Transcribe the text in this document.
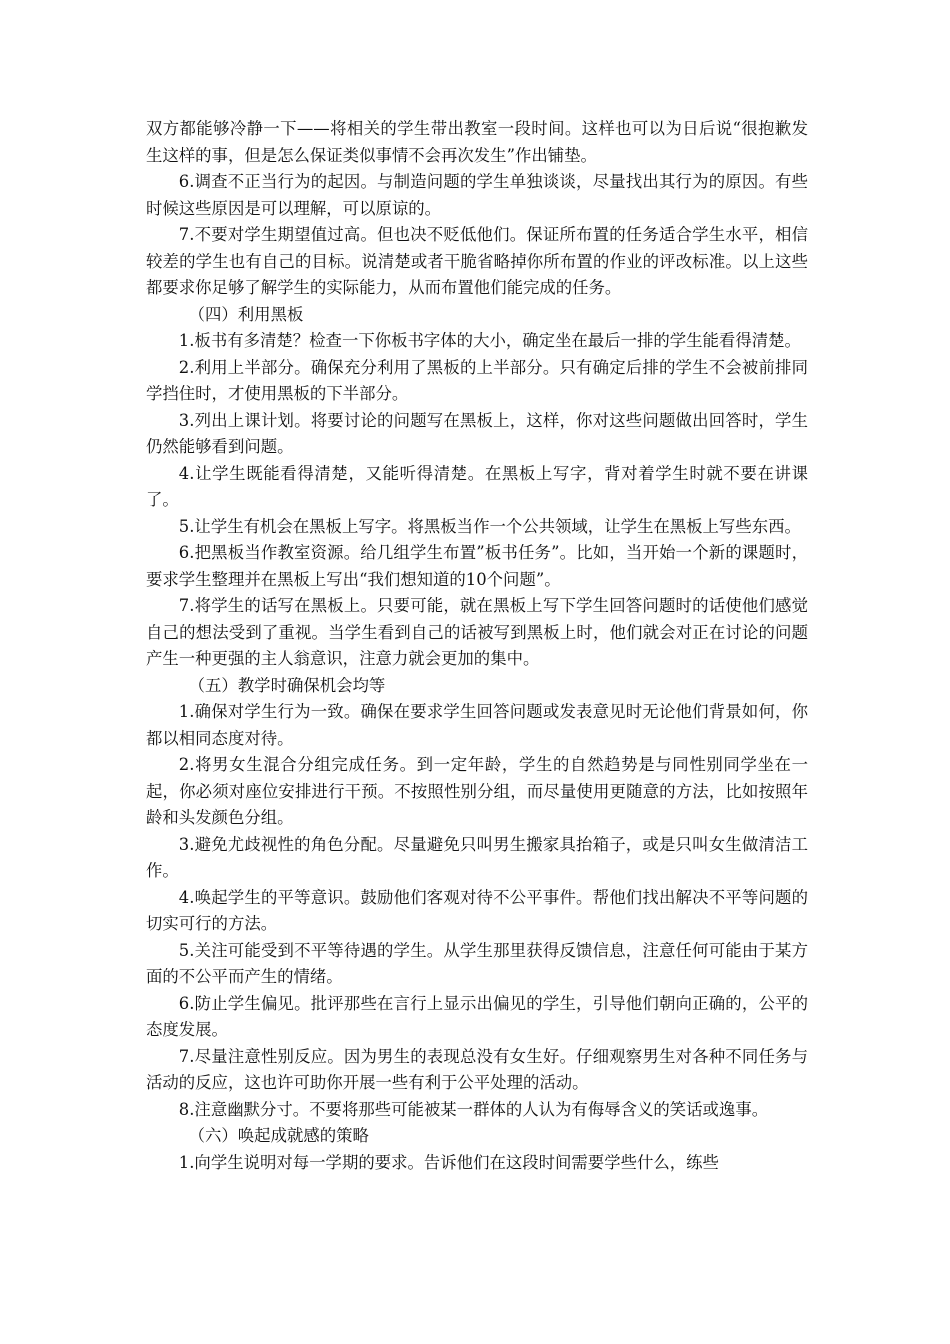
双方都能够冷静一下——将相关的学生带出教室一段时间。这样也可以为日后说“很抱歉发生这样的事，但是怎么保证类似事情不会再次发生”作出铺垫。

6.调查不正当行为的起因。与制造问题的学生单独谈谈，尽量找出其行为的原因。有些时候这些原因是可以理解，可以原谅的。

7.不要对学生期望值过高。但也决不贬低他们。保证所布置的任务适合学生水平，相信较差的学生也有自己的目标。说清楚或者干脆省略掉你所布置的作业的评改标准。以上这些都要求你足够了解学生的实际能力，从而布置他们能完成的任务。

（四）利用黑板

1.板书有多清楚？检查一下你板书字体的大小，确定坐在最后一排的学生能看得清楚。

2.利用上半部分。确保充分利用了黑板的上半部分。只有确定后排的学生不会被前排同学挡住时，才使用黑板的下半部分。

3.列出上课计划。将要讨论的问题写在黑板上，这样，你对这些问题做出回答时，学生仍然能够看到问题。

4.让学生既能看得清楚，又能听得清楚。在黑板上写字，背对着学生时就不要在讲课了。

5.让学生有机会在黑板上写字。将黑板当作一个公共领域，让学生在黑板上写些东西。

6.把黑板当作教室资源。给几组学生布置”板书任务”。比如，当开始一个新的课题时，要求学生整理并在黑板上写出“我们想知道的10个问题”。

7.将学生的话写在黑板上。只要可能，就在黑板上写下学生回答问题时的话使他们感觉自己的想法受到了重视。当学生看到自己的话被写到黑板上时，他们就会对正在讨论的问题产生一种更强的主人翁意识，注意力就会更加的集中。

（五）教学时确保机会均等

1.确保对学生行为一致。确保在要求学生回答问题或发表意见时无论他们背景如何，你都以相同态度对待。

2.将男女生混合分组完成任务。到一定年龄，学生的自然趋势是与同性别同学坐在一起，你必须对座位安排进行干预。不按照性别分组，而尽量使用更随意的方法，比如按照年龄和头发颜色分组。

3.避免尤歧视性的角色分配。尽量避免只叫男生搬家具抬箱子，或是只叫女生做清洁工作。

4.唤起学生的平等意识。鼓励他们客观对待不公平事件。帮他们找出解决不平等问题的切实可行的方法。

5.关注可能受到不平等待遇的学生。从学生那里获得反馈信息，注意任何可能由于某方面的不公平而产生的情绪。

6.防止学生偏见。批评那些在言行上显示出偏见的学生，引导他们朝向正确的，公平的态度发展。

7.尽量注意性别反应。因为男生的表现总没有女生好。仔细观察男生对各种不同任务与活动的反应，这也许可助你开展一些有利于公平处理的活动。

8.注意幽默分寸。不要将那些可能被某一群体的人认为有侮辱含义的笑话或逸事。

（六）唤起成就感的策略

1.向学生说明对每一学期的要求。告诉他们在这段时间需要学些什么，练些
